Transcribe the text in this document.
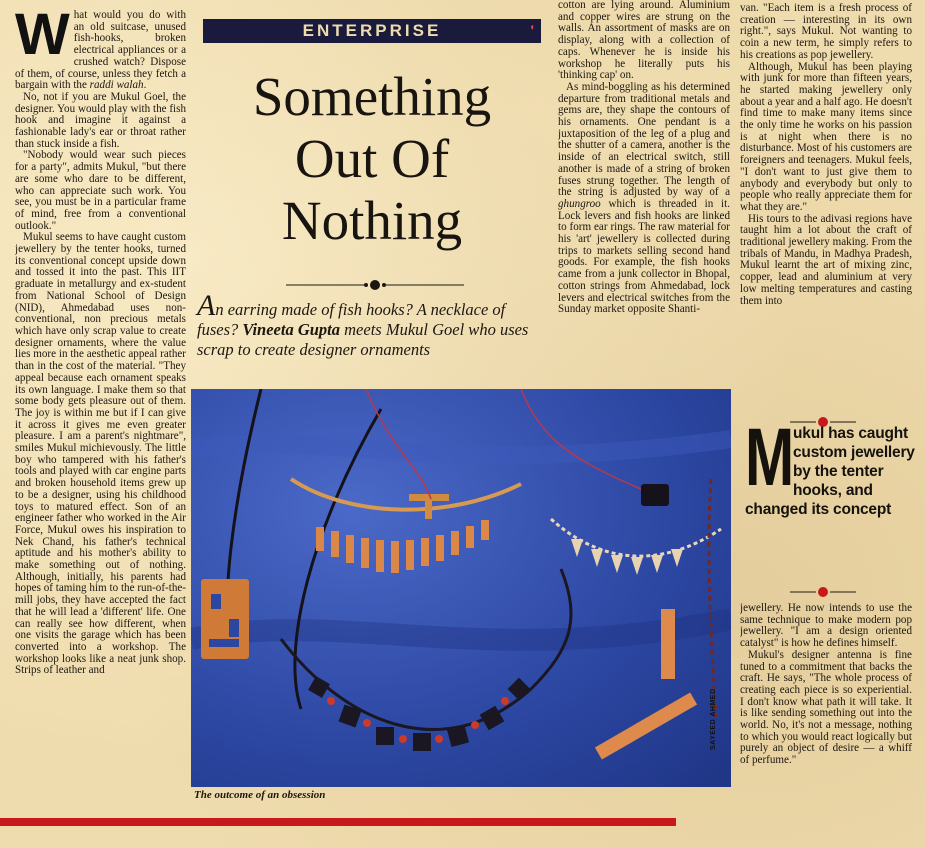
What would you do with an old suitcase, unused fish-hooks, broken electrical appliances or a crushed watch? Dispose of them, of course, unless they fetch a bargain with the raddi walah.

No, not if you are Mukul Goel, the designer. You would play with the fish hook and imagine it against a fashionable lady's ear or throat rather than stuck inside a fish.

"Nobody would wear such pieces for a party", admits Mukul, "but there are some who dare to be different, who can appreciate such work. You see, you must be in a particular frame of mind, free from a conventional outlook."

Mukul seems to have caught custom jewellery by the tenter hooks, turned its conventional concept upside down and tossed it into the past. This IIT graduate in metallurgy and ex-student from National School of Design (NID), Ahmedabad uses non-conventional, non precious metals which have only scrap value to create designer ornaments, where the value lies more in the aesthetic appeal rather than in the cost of the material. "They appeal because each ornament speaks its own language. I make them so that some body gets pleasure out of them. The joy is within me but if I can give it across it gives me even greater pleasure. I am a parent's nightmare", smiles Mukul michievously. The little boy who tampered with his father's tools and played with car engine parts and broken household items grew up to be a designer, using his childhood toys to matured effect. Son of an engineer father who worked in the Air Force, Mukul owes his inspiration to Nek Chand, his father's technical aptitude and his mother's ability to make something out of nothing. Although, initially, his parents had hopes of taming him to the run-of-the-mill jobs, they have accepted the fact that he will lead a 'different' life. One can really see how different, when one visits the garage which has been converted into a workshop. The workshop looks like a neat junk shop. Strips of leather and

ENTERPRISE	◖
Something
Out Of
Nothing
An earring made of fish hooks? A necklace of fuses? Vineeta Gupta meets Mukul Goel who uses scrap to create designer ornaments

cotton are lying around. Aluminium and copper wires are strung on the walls. An assortment of masks are on display, along with a collection of caps. Whenever he is inside his workshop he literally puts his 'thinking cap' on.

As mind-boggling as his determined departure from traditional metals and gems are, they shape the contours of his ornaments. One pendant is a juxtaposition of the leg of a plug and the shutter of a camera, another is the inside of an electrical switch, still another is made of a string of broken fuses strung together. The length of the string is adjusted by way of a ghungroo which is threaded in it. Lock levers and fish hooks are linked to form ear rings. The raw material for his 'art' jewellery is collected during trips to markets selling second hand goods. For example, the fish hooks came from a junk collector in Bhopal, cotton strings from Ahmedabad, lock levers and electrical switches from the Sunday market opposite Shanti-

van. "Each item is a fresh process of creation — interesting in its own right.", says Mukul. Not wanting to coin a new term, he simply refers to his creations as pop jewellery.

Although, Mukul has been playing with junk for more than fifteen years, he started making jewellery only about a year and a half ago. He doesn't find time to make many items since the only time he works on his passion is at night when there is no disturbance. Most of his customers are foreigners and teenagers. Mukul feels, "I don't want to just give them to anybody and everybody but only to people who really appreciate them for what they are."

His tours to the adivasi regions have taught him a lot about the craft of traditional jewellery making. From the tribals of Mandu, in Madhya Pradesh, Mukul learnt the art of mixing zinc, copper, lead and aluminium at very low melting temperatures and casting them into

M
ukul has caught custom jewellery by the tenter hooks, and changed its concept

jewellery. He now intends to use the same technique to make modern pop jewellery. "I am a design oriented catalyst" is how he defines himself.

Mukul's designer antenna is fine tuned to a commitment that backs the craft. He says, "The whole process of creating each piece is so experiential. I don't know what path it will take. It is like sending something out into the world. No, it's not a message, nothing to which you would react logically but purely an object of desire — a whiff of perfume."

SAYEED AHMED
The outcome of an obsession
